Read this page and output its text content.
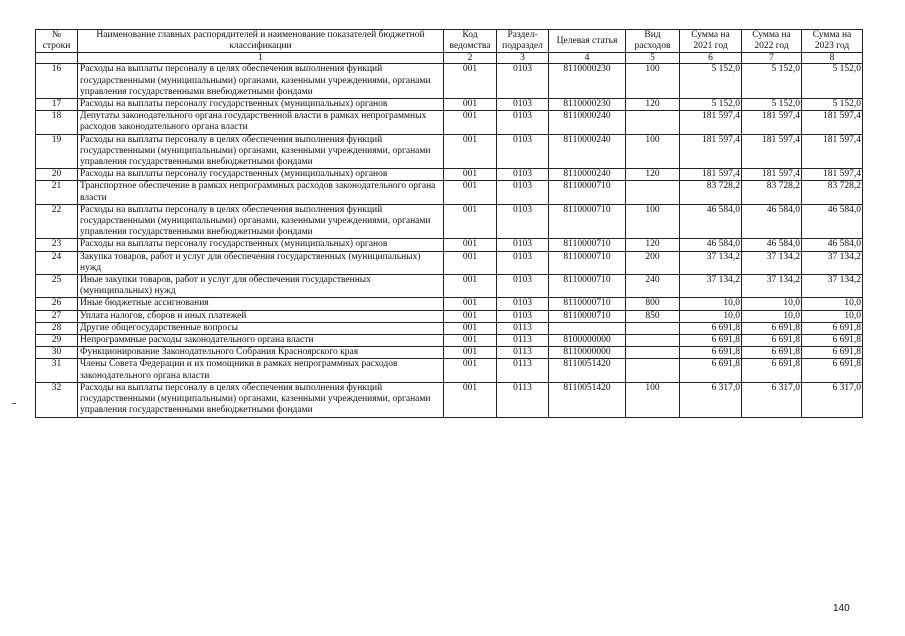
№ строки	Наименование главных распорядителей и наименование показателей бюджетной классификации	Код ведомства	Раздел-подраздел	Целевая статья	Вид расходов	Сумма на 2021 год	Сумма на 2022 год	Сумма на 2023 год
	1	2	3	4	5	6	7	8
16	Расходы на выплаты персоналу в целях обеспечения выполнения функций государственными (муниципальными) органами, казенными учреждениями, органами управления государственными внебюджетными фондами	001	0103	8110000230	100	5 152,0	5 152,0	5 152,0
17	Расходы на выплаты персоналу государственных (муниципальных) органов	001	0103	8110000230	120	5 152,0	5 152,0	5 152,0
18	Депутаты законодательного органа государственной власти в рамках непрограммных расходов законодательного органа власти	001	0103	8110000240		181 597,4	181 597,4	181 597,4
19	Расходы на выплаты персоналу в целях обеспечения выполнения функций государственными (муниципальными) органами, казенными учреждениями, органами управления государственными внебюджетными фондами	001	0103	8110000240	100	181 597,4	181 597,4	181 597,4
20	Расходы на выплаты персоналу государственных (муниципальных) органов	001	0103	8110000240	120	181 597,4	181 597,4	181 597,4
21	Транспортное обеспечение в рамках непрограммных расходов законодательного органа власти	001	0103	8110000710		83 728,2	83 728,2	83 728,2
22	Расходы на выплаты персоналу в целях обеспечения выполнения функций государственными (муниципальными) органами, казенными учреждениями, органами управления государственными внебюджетными фондами	001	0103	8110000710	100	46 584,0	46 584,0	46 584,0
23	Расходы на выплаты персоналу государственных (муниципальных) органов	001	0103	8110000710	120	46 584,0	46 584,0	46 584,0
24	Закупка товаров, работ и услуг для обеспечения государственных (муниципальных) нужд	001	0103	8110000710	200	37 134,2	37 134,2	37 134,2
25	Иные закупки товаров, работ и услуг для обеспечения государственных (муниципальных) нужд	001	0103	8110000710	240	37 134,2	37 134,2	37 134,2
26	Иные бюджетные ассигнования	001	0103	8110000710	800	10,0	10,0	10,0
27	Уплата налогов, сборов и иных платежей	001	0103	8110000710	850	10,0	10,0	10,0
28	Другие общегосударственные вопросы	001	0113			6 691,8	6 691,8	6 691,8
29	Непрограммные расходы законодательного органа власти	001	0113	8100000000		6 691,8	6 691,8	6 691,8
30	Функционирование Законодательного Собрания Красноярского края	001	0113	8110000000		6 691,8	6 691,8	6 691,8
31	Члены Совета Федерации и их помощники в рамках непрограммных расходов законодательного органа власти	001	0113	8110051420		6 691,8	6 691,8	6 691,8
32	Расходы на выплаты персоналу в целях обеспечения выполнения функций государственными (муниципальными) органами, казенными учреждениями, органами управления государственными внебюджетными фондами	001	0113	8110051420	100	6 317,0	6 317,0	6 317,0
140
